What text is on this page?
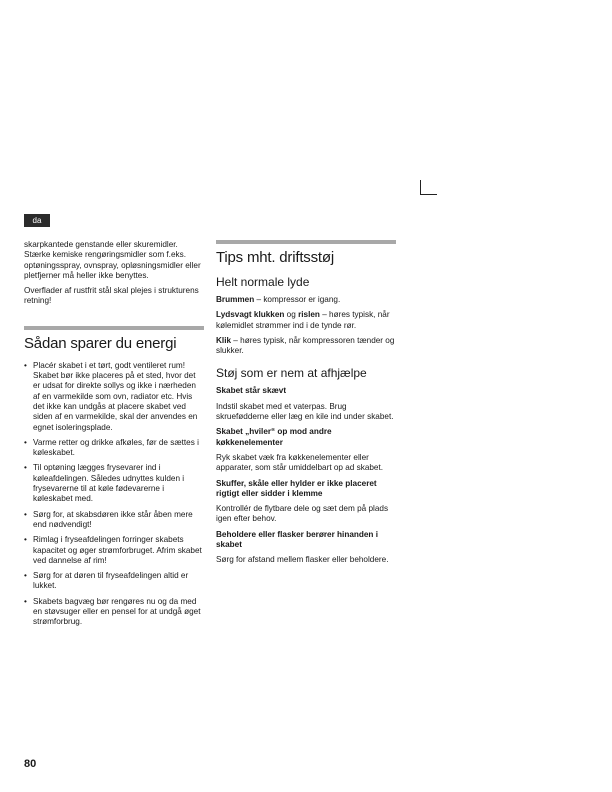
da

skarpkantede genstande eller skuremidler. Stærke kemiske rengøringsmidler som f.eks. optøningsspray, ovnspray, opløsningsmidler eller pletfjerner må heller ikke benyttes.

Overflader af rustfrit stål skal plejes i strukturens retning!

Sådan sparer du energi
• Placér skabet i et tørt, godt ventileret rum! Skabet bør ikke placeres på et sted, hvor det er udsat for direkte sollys og ikke i nærheden af en varmekilde som ovn, radiator etc. Hvis det ikke kan undgås at placere skabet ved siden af en varmekilde, skal der anvendes en egnet isoleringsplade.
• Varme retter og drikke afkøles, før de sættes i køleskabet.
• Til optøning lægges frysevarer ind i køleafdelingen. Således udnyttes kulden i frysevarerne til at køle fødevarerne i køleskabet med.
• Sørg for, at skabsdøren ikke står åben mere end nødvendigt!
• Rimlag i fryseafdelingen forringer skabets kapacitet og øger strømforbruget. Afrim skabet ved dannelse af rim!
• Sørg for at døren til fryseafdelingen altid er lukket.
• Skabets bagvæg bør rengøres nu og da med en støvsuger eller en pensel for at undgå øget strømforbrug.
Tips mht. driftsstøj
Helt normale lyde

Brummen – kompressor er igang.

Lydsvagt klukken og rislen – høres typisk, når kølemidlet strømmer ind i de tynde rør.

Klik – høres typisk, når kompressoren tænder og slukker.

Støj som er nem at afhjælpe

Skabet står skævt

Indstil skabet med et vaterpas. Brug skruefødderne eller læg en kile ind under skabet.

Skabet „hviler“ op mod andre køkkenelementer

Ryk skabet væk fra køkkenelementer eller apparater, som står umiddelbart op ad skabet.

Skuffer, skåle eller hylder er ikke placeret rigtigt eller sidder i klemme

Kontrollér de flytbare dele og sæt dem på plads igen efter behov.

Beholdere eller flasker berører hinanden i skabet

Sørg for afstand mellem flasker eller beholdere.

80
